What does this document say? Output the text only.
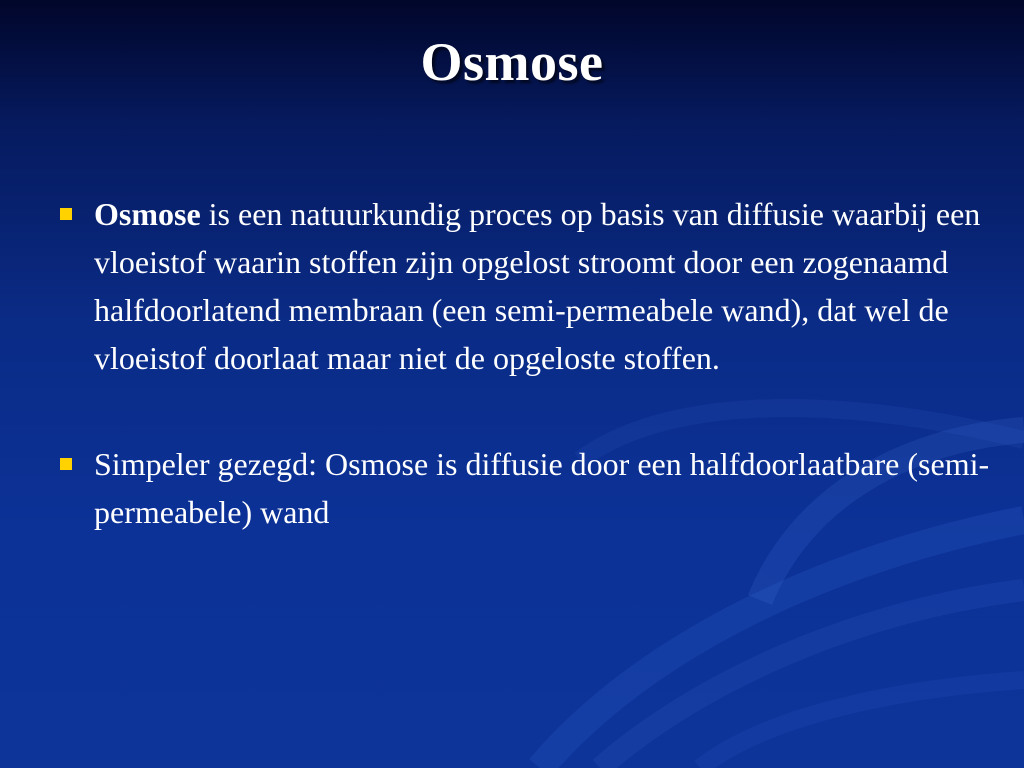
Osmose
Osmose is een natuurkundig proces op basis van diffusie waarbij een vloeistof waarin stoffen zijn opgelost stroomt door een zogenaamd halfdoorlatend membraan (een semi-permeabele wand), dat wel de vloeistof doorlaat maar niet de opgeloste stoffen.
Simpeler gezegd: Osmose is diffusie door een halfdoorlaatbare (semi-permeabele) wand
